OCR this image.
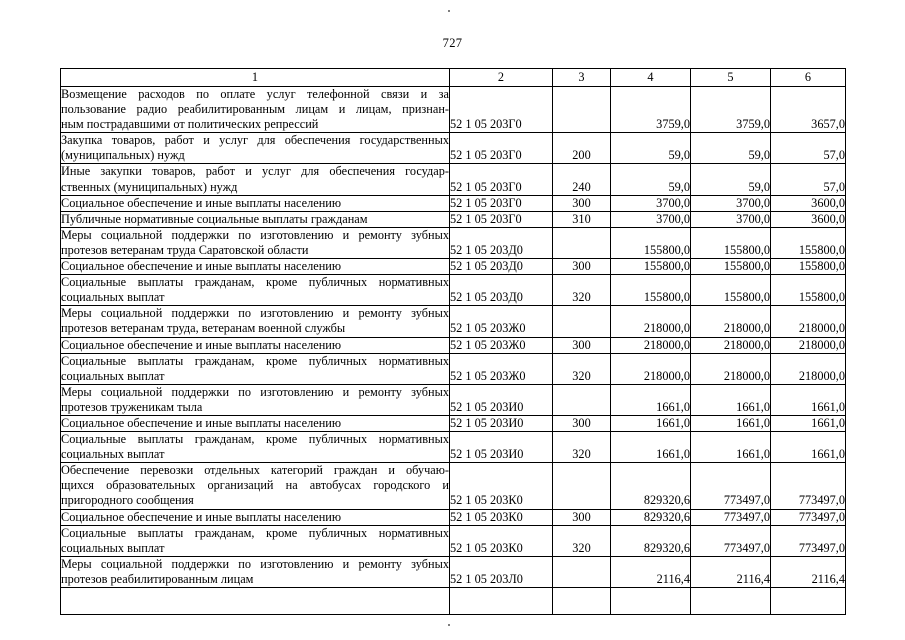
727
1	2	3	4	5	6

Возмещение расходов по оплате услуг телефонной связи и за
пользование радио реабилитированным лицам и лицам, признан-
ным пострадавшими от политических репрессий	52 1 05 203Г0		3759,0	3759,0	3657,0

Закупка товаров, работ и услуг для обеспечения государственных
(муниципальных) нужд	52 1 05 203Г0	200	59,0	59,0	57,0

Иные закупки товаров, работ и услуг для обеспечения государ-
ственных (муниципальных) нужд	52 1 05 203Г0	240	59,0	59,0	57,0

Социальное обеспечение и иные выплаты населению	52 1 05 203Г0	300	3700,0	3700,0	3600,0

Публичные нормативные социальные выплаты гражданам	52 1 05 203Г0	310	3700,0	3700,0	3600,0

Меры социальной поддержки по изготовлению и ремонту зубных
протезов ветеранам труда Саратовской области	52 1 05 203Д0		155800,0	155800,0	155800,0

Социальное обеспечение и иные выплаты населению	52 1 05 203Д0	300	155800,0	155800,0	155800,0

Социальные выплаты гражданам, кроме публичных нормативных
социальных выплат	52 1 05 203Д0	320	155800,0	155800,0	155800,0

Меры социальной поддержки по изготовлению и ремонту зубных
протезов ветеранам труда, ветеранам военной службы	52 1 05 203Ж0		218000,0	218000,0	218000,0

Социальное обеспечение и иные выплаты населению	52 1 05 203Ж0	300	218000,0	218000,0	218000,0

Социальные выплаты гражданам, кроме публичных нормативных
социальных выплат	52 1 05 203Ж0	320	218000,0	218000,0	218000,0

Меры социальной поддержки по изготовлению и ремонту зубных
протезов труженикам тыла	52 1 05 203И0		1661,0	1661,0	1661,0

Социальное обеспечение и иные выплаты населению	52 1 05 203И0	300	1661,0	1661,0	1661,0

Социальные выплаты гражданам, кроме публичных нормативных
социальных выплат	52 1 05 203И0	320	1661,0	1661,0	1661,0

Обеспечение перевозки отдельных категорий граждан и обучаю-
щихся образовательных организаций на автобусах городского и
пригородного сообщения	52 1 05 203К0		829320,6	773497,0	773497,0

Социальное обеспечение и иные выплаты населению	52 1 05 203К0	300	829320,6	773497,0	773497,0

Социальные выплаты гражданам, кроме публичных нормативных
социальных выплат	52 1 05 203К0	320	829320,6	773497,0	773497,0

Меры социальной поддержки по изготовлению и ремонту зубных
протезов реабилитированным лицам	52 1 05 203Л0		2116,4	2116,4	2116,4
